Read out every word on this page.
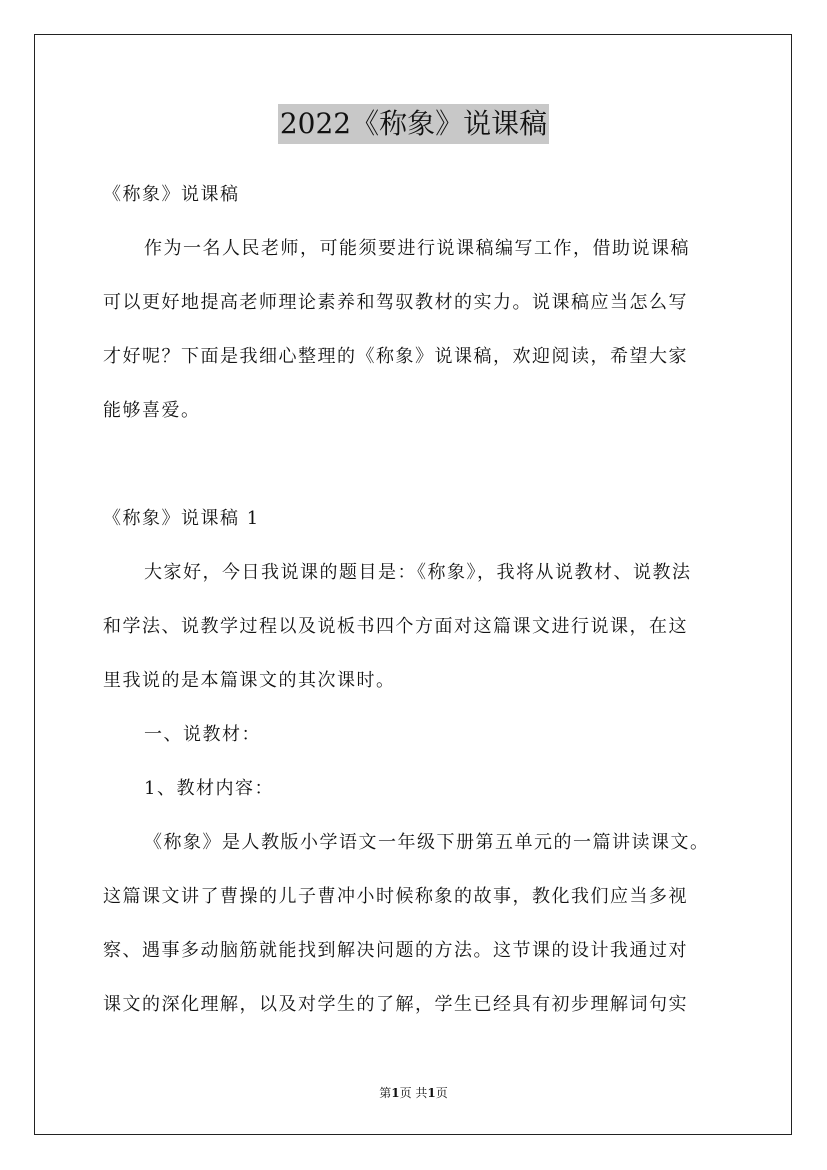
2022《称象》说课稿
《称象》说课稿
作为一名人民老师，可能须要进行说课稿编写工作，借助说课稿
可以更好地提高老师理论素养和驾驭教材的实力。说课稿应当怎么写
才好呢？下面是我细心整理的《称象》说课稿，欢迎阅读，希望大家
能够喜爱。
《称象》说课稿 1
大家好，今日我说课的题目是：《称象》，我将从说教材、说教法
和学法、说教学过程以及说板书四个方面对这篇课文进行说课，在这
里我说的是本篇课文的其次课时。
一、说教材：
1、教材内容：
《称象》是人教版小学语文一年级下册第五单元的一篇讲读课文。
这篇课文讲了曹操的儿子曹冲小时候称象的故事，教化我们应当多视
察、遇事多动脑筋就能找到解决问题的方法。这节课的设计我通过对
课文的深化理解，以及对学生的了解，学生已经具有初步理解词句实
第1页 共1页
